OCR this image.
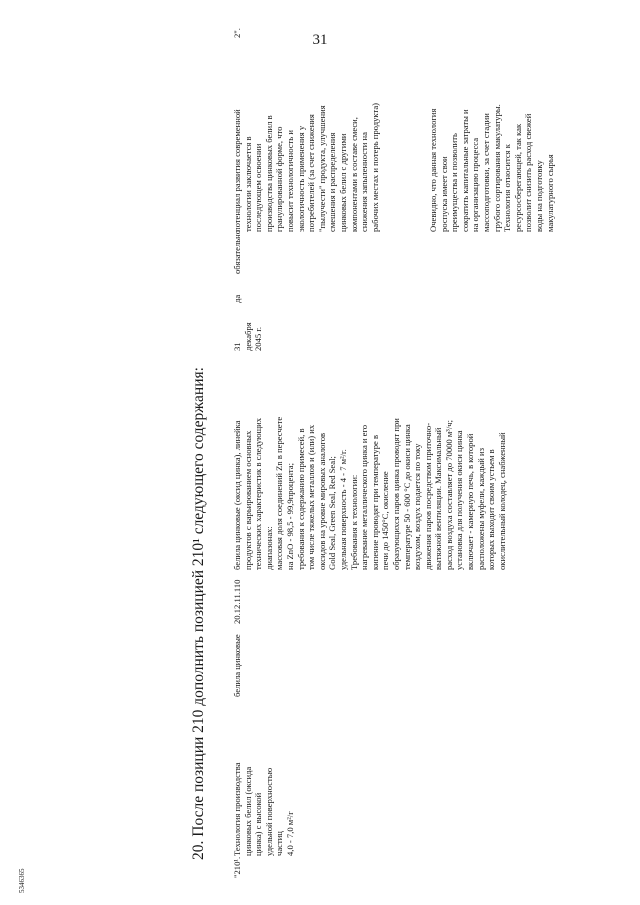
31
20. После позиции 210 дополнить позицией 210¹ следующего содержания:
"210¹.
Технология производства цинковых белил (оксида цинка) с высокой удельной поверхностью частиц 4,0 - 7,0 м²/г
белила цинковые
20.12.11.110
белила цинковые (оксид цинка), линейка продуктов с варьированием основных технических характеристик в следующих диапазонах: массовая доля соединений Zn в пересчете на ZnO - 98,5 - 99,9процента; требования к содержанию примесей, в том числе тяжелых металлов и (или) их оксидов на уровне мировых аналогов Gold Seal, Green Seal, Red Seal; удельная поверхность - 4 - 7 м²/г. Требования к технологии: нагревание металлического цинка и его кипение проводят при температуре в печи до 1450°С, окисление образующихся паров цинка проводят при температуре 50 - 600 °С до окиси цинка воздухом, воздух подается по току движения паров посредством приточно- вытяжной вентиляции. Максимальный расход воздуха составляет до 70000 м³/ч; установка для получения окиси цинка включает - камерную печь, в которой расположены муфели, каждый из которых выходит своим устьем в окислительный колодец, снабженный
31 декабря 2045 г.
да
обязательно
потенциал развития современной технологии заключается в последующем освоении производства цинковых белил в гранулированной форме, что повысит технологичность и экологичность применения у потребителей (за счет снижения "пылучести" продукта, улучшения смешения и распределения цинковых белил с другими компонентами в составе смеси, снижения запыленности на рабочих местах и потерь продукта)	Очевидно, что данная технология роспуска имеет свои преимущества и позволить сократить капитальные затраты и на организацию процесса массоподготовки, за счет стадии грубого сортирования макулатуры. Технология относится к ресурсосберегающей, так как позволит снизить расход свежей воды на подготовку макулатурного сырья
2".
5346365
